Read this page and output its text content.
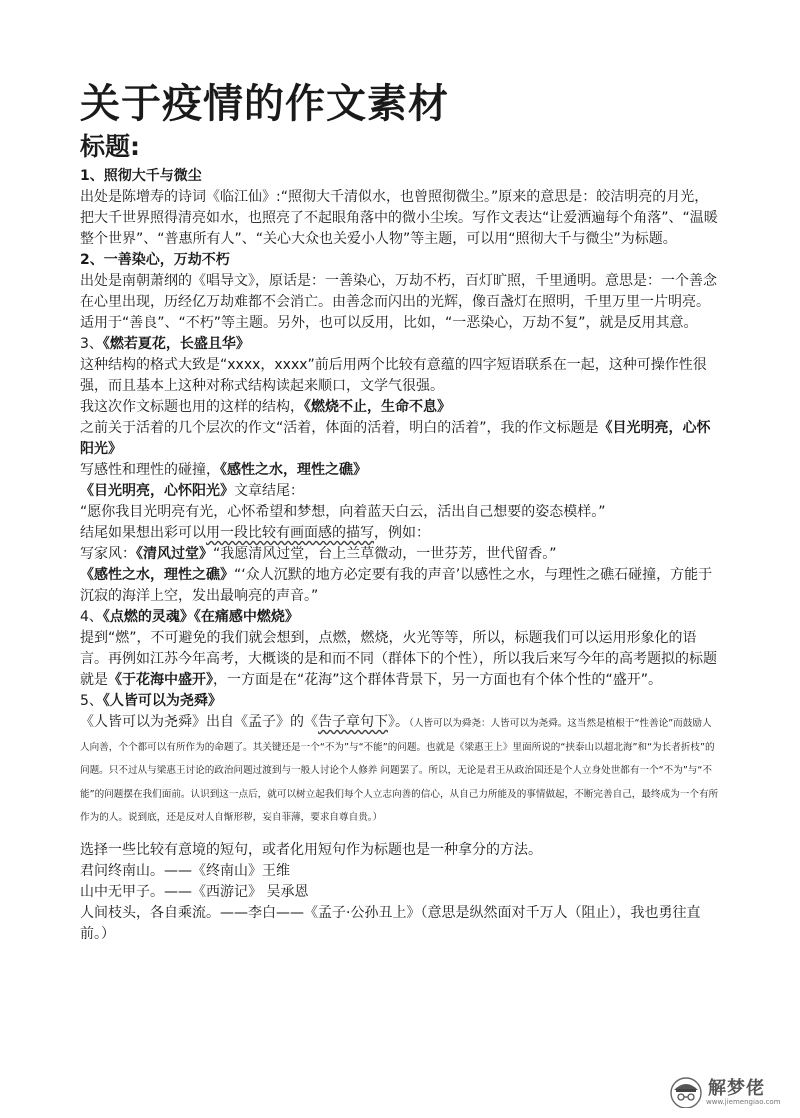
关于疫情的作文素材
标题:

1、照彻大千与微尘

出处是陈增寿的诗词《临江仙》:“照彻大千清似水，也曾照彻微尘。”原来的意思是：皎洁明亮的月光，把大千世界照得清亮如水，也照亮了不起眼角落中的微小尘埃。写作文表达“让爱洒遍每个角落”、“温暖整个世界”、“普惠所有人”、“关心大众也关爱小人物”等主题，可以用“照彻大千与微尘”为标题。

2、一善染心，万劫不朽

出处是南朝萧纲的《唱导文》，原话是：一善染心，万劫不朽，百灯旷照，千里通明。意思是：一个善念在心里出现，历经亿万劫难都不会消亡。由善念而闪出的光辉，像百盏灯在照明，千里万里一片明亮。适用于“善良”、“不朽”等主题。另外，也可以反用，比如，“一恶染心，万劫不复”，就是反用其意。

3、《燃若夏花，长盛且华》

这种结构的格式大致是“xxxx，xxxx”前后用两个比较有意蕴的四字短语联系在一起，这种可操作性很强，而且基本上这种对称式结构读起来顺口，文学气很强。

我这次作文标题也用的这样的结构，《燃烧不止，生命不息》

之前关于活着的几个层次的作文“活着，体面的活着，明白的活着”，我的作文标题是《目光明亮，心怀阳光》

写感性和理性的碰撞，《感性之水，理性之礁》

《目光明亮，心怀阳光》文章结尾：

“愿你我目光明亮有光，心怀希望和梦想，向着蓝天白云，活出自己想要的姿态模样。”

结尾如果想出彩可以用一段比较有画面感的描写，例如：

写家风：《清风过堂》“我愿清风过堂，台上兰草微动，一世芬芳，世代留香。”

《感性之水，理性之礁》“‘众人沉默的地方必定要有我的声音’以感性之水，与理性之礁石碰撞，方能于沉寂的海洋上空，发出最响亮的声音。”

4、《点燃的灵魂》《在痛感中燃烧》

提到“燃”，不可避免的我们就会想到，点燃，燃烧，火光等等，所以，标题我们可以运用形象化的语言。再例如江苏今年高考，大概谈的是和而不同（群体下的个性），所以我后来写今年的高考题拟的标题就是《于花海中盛开》，一方面是在“花海”这个群体背景下，另一方面也有个体个性的“盛开”。

5、《人皆可以为尧舜》

《人皆可以为尧舜》出自《孟子》的《告子章句下》。（人皆可以为舜尧：人皆可以为尧舜。这当然是植根于“性善论”而鼓励人人向善，个个都可以有所作为的命题了。其关键还是一个“不为”与“不能”的问题。也就是《梁惠王上》里面所说的“挟泰山以超北海”和“为长者折枝”的问题。只不过从与梁惠王讨论的政治问题过渡到与一般人讨论个人修养 问题罢了。所以，无论是君王从政治国还是个人立身处世都有一个“不为”与“不能”的问题摆在我们面前。认识到这一点后，就可以树立起我们每个人立志向善的信心，从自己力所能及的事情做起，不断完善自己，最终成为一个有所作为的人。说到底，还是反对人自惭形秽，妄自菲薄，要求自尊自贵。）

选择一些比较有意境的短句，或者化用短句作为标题也是一种拿分的方法。

君问终南山。——《终南山》王维

山中无甲子。——《西游记》 吴承恩

人间枝头，各自乘流。——李白——《孟子·公孙丑上》（意思是纵然面对千万人（阻止），我也勇往直前。）

解梦佬
www.jiemengiao.com
